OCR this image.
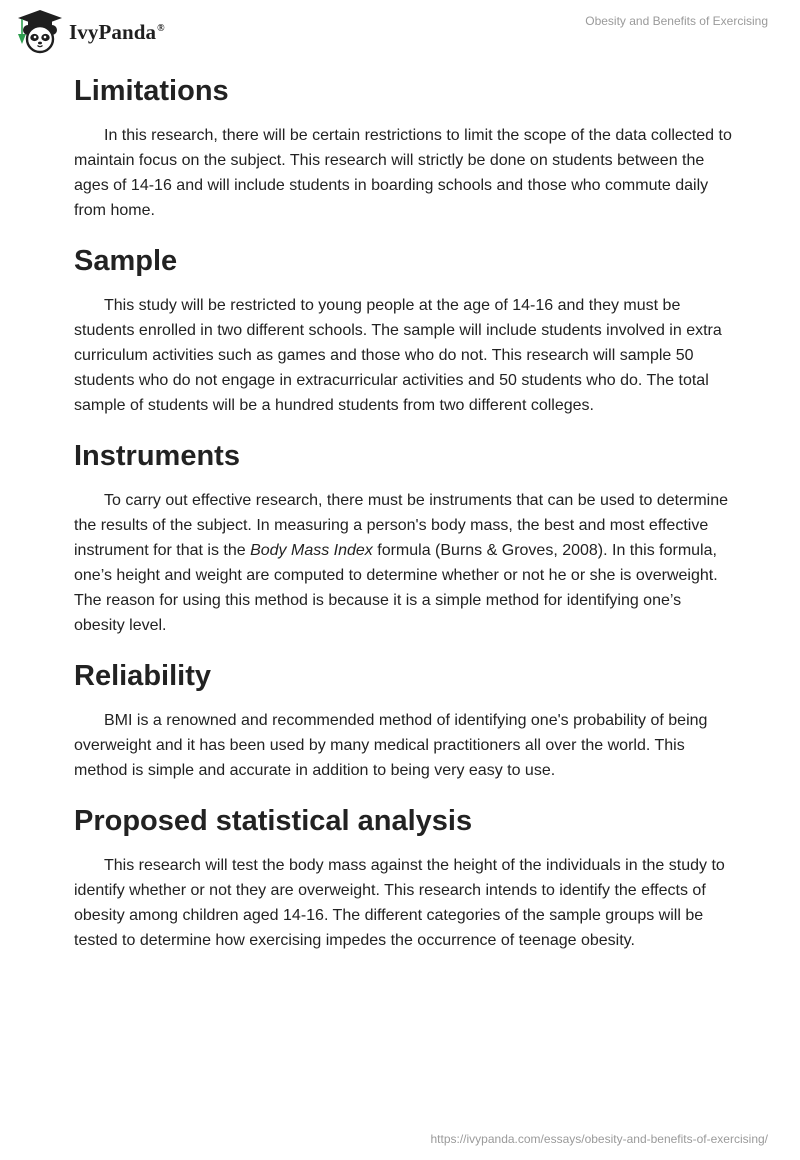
IvyPanda®	Obesity and Benefits of Exercising
Limitations

In this research, there will be certain restrictions to limit the scope of the data collected to maintain focus on the subject. This research will strictly be done on students between the ages of 14-16 and will include students in boarding schools and those who commute daily from home.

Sample

This study will be restricted to young people at the age of 14-16 and they must be students enrolled in two different schools. The sample will include students involved in extra curriculum activities such as games and those who do not. This research will sample 50 students who do not engage in extracurricular activities and 50 students who do. The total sample of students will be a hundred students from two different colleges.

Instruments

To carry out effective research, there must be instruments that can be used to determine the results of the subject. In measuring a person's body mass, the best and most effective instrument for that is the Body Mass Index formula (Burns & Groves, 2008). In this formula, one’s height and weight are computed to determine whether or not he or she is overweight. The reason for using this method is because it is a simple method for identifying one’s obesity level.

Reliability

BMI is a renowned and recommended method of identifying one's probability of being overweight and it has been used by many medical practitioners all over the world. This method is simple and accurate in addition to being very easy to use.

Proposed statistical analysis

This research will test the body mass against the height of the individuals in the study to identify whether or not they are overweight. This research intends to identify the effects of obesity among children aged 14-16. The different categories of the sample groups will be tested to determine how exercising impedes the occurrence of teenage obesity.

https://ivypanda.com/essays/obesity-and-benefits-of-exercising/
